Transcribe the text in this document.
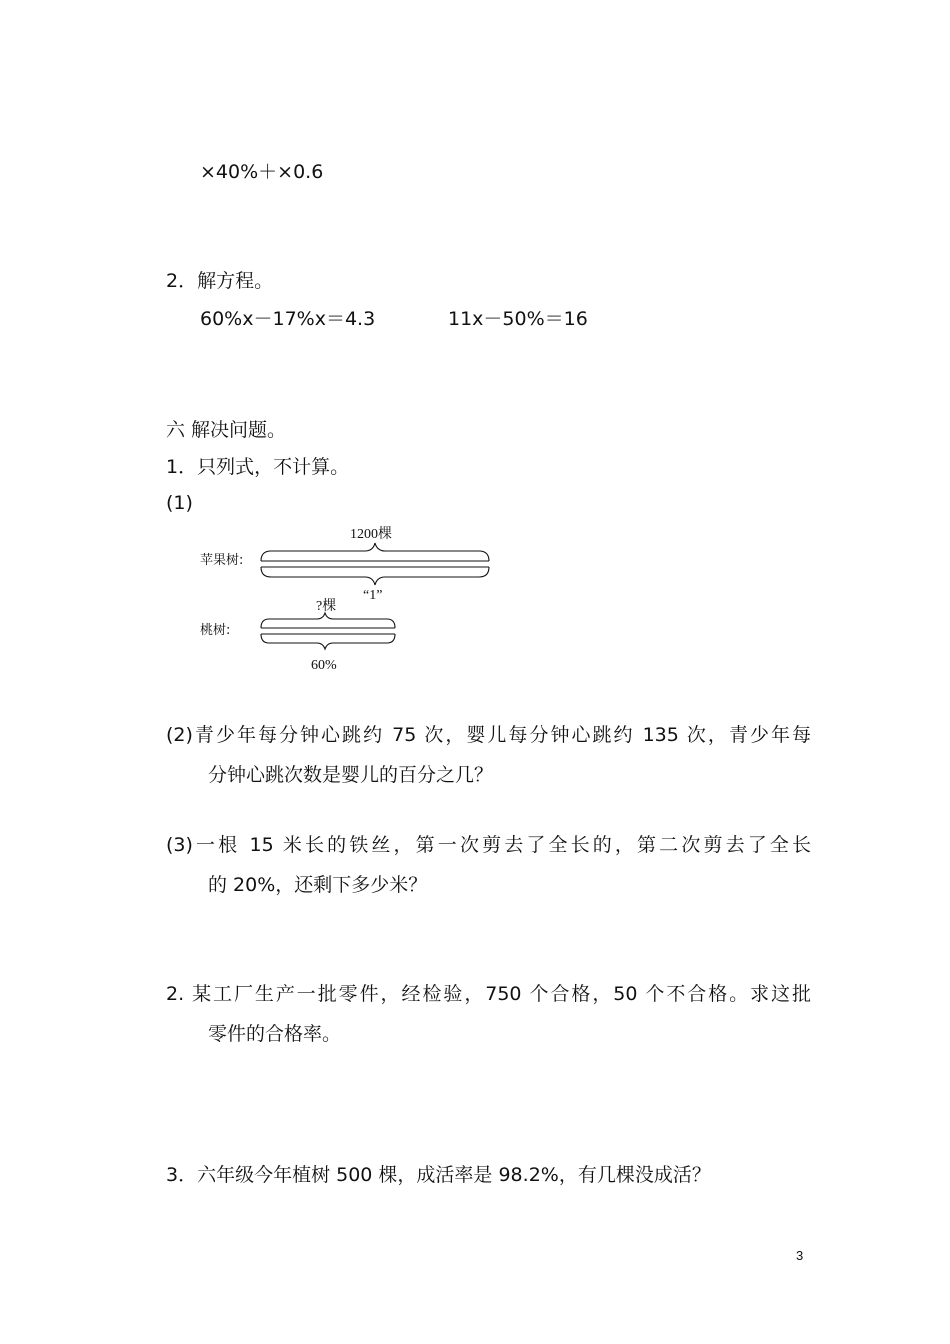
×40%＋×0.6
2．解方程。
60%x－17%x＝4.3	11x－50%＝16
六 解决问题。
1．只列式，不计算。
(1)
1200棵
苹果树:
“1”
?棵
桃树:
60%
(2)青少年每分钟心跳约 75 次，婴儿每分钟心跳约 135 次，青少年每
分钟心跳次数是婴儿的百分之几？
(3)一根 15 米长的铁丝，第一次剪去了全长的，第二次剪去了全长
的 20%，还剩下多少米？
2. 某工厂生产一批零件，经检验，750 个合格，50 个不合格。求这批
零件的合格率。
3．六年级今年植树 500 棵，成活率是 98.2%，有几棵没成活？
3
